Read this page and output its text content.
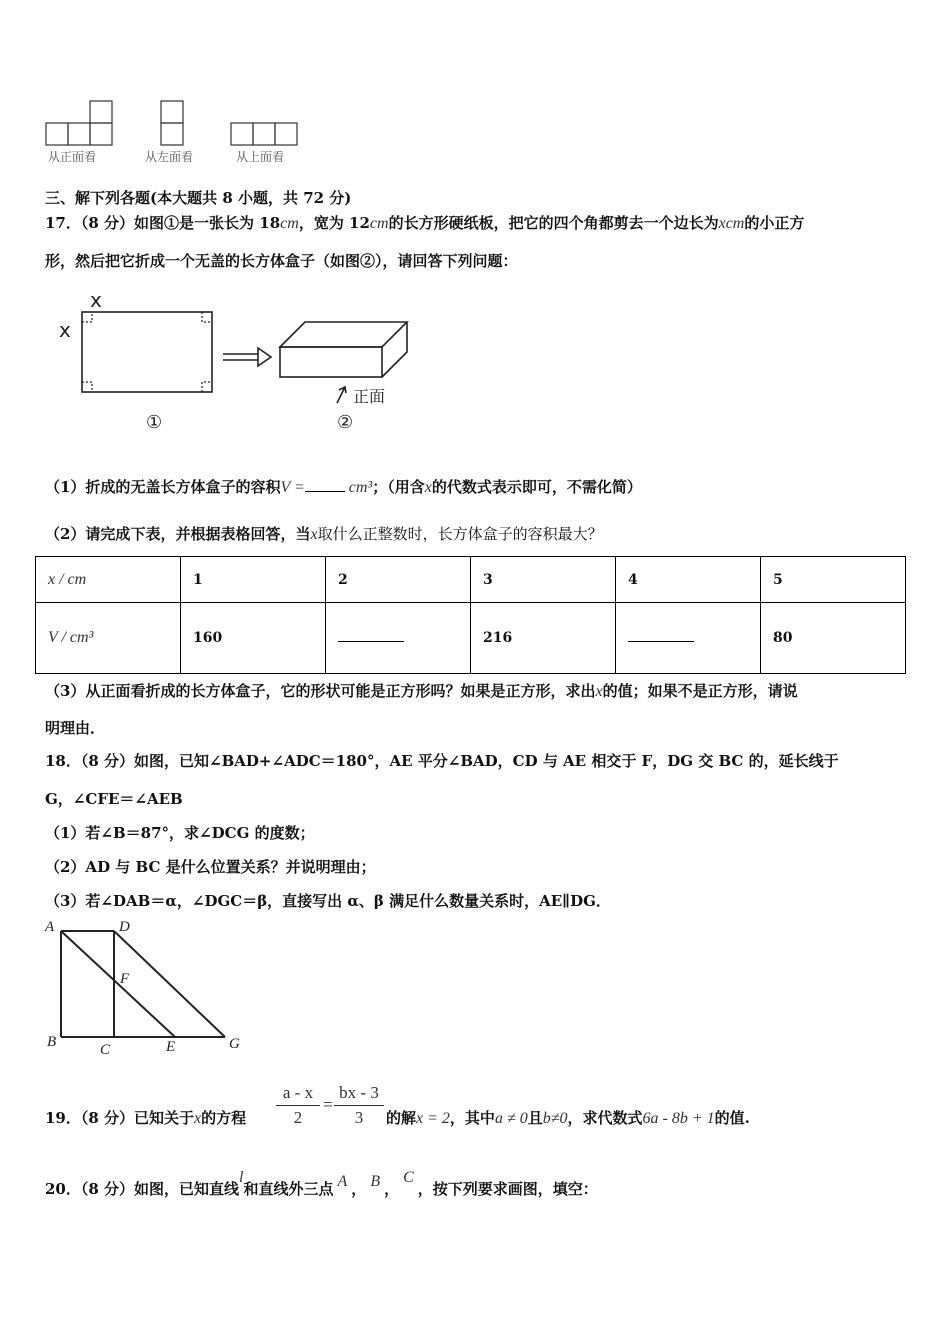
从正面看	从左面看	从上面看
三、解下列各题(本大题共 8 小题，共 72 分)
17．（8 分）如图①是一张长为 18cm，宽为 12cm的长方形硬纸板，把它的四个角都剪去一个边长为xcm的小正方
形，然后把它折成一个无盖的长方体盒子（如图②），请回答下列问题：
x
x
正面
①	②
（1）折成的无盖长方体盒子的容积V =	cm³；（用含x的代数式表示即可，不需化简）
（2）请完成下表，并根据表格回答，当x取什么正整数时，长方体盒子的容积最大？
x / cm	1	2	3	4	5
V / cm³	160		216		80
（3）从正面看折成的长方体盒子，它的形状可能是正方形吗？如果是正方形，求出x的值；如果不是正方形，请说
明理由．
18．（8 分）如图，已知∠BAD+∠ADC＝180°，AE 平分∠BAD，CD 与 AE 相交于 F，DG 交 BC 的，延长线于
G，∠CFE＝∠AEB
（1）若∠B＝87°，求∠DCG 的度数；
（2）AD 与 BC 是什么位置关系？并说明理由；
（3）若∠DAB＝α，∠DGC＝β，直接写出 α、β 满足什么数量关系时，AE∥DG．
A	D
F
B	C	E	G
19．（8 分）已知关于x的方程
a - x
2
=
bx - 3
3	的解x = 2，其中a ≠ 0且b≠0，求代数式6a - 8b + 1的值.
20．（8 分）如图，已知直线l和直线外三点 A ， B ，C，按下列要求画图，填空：
